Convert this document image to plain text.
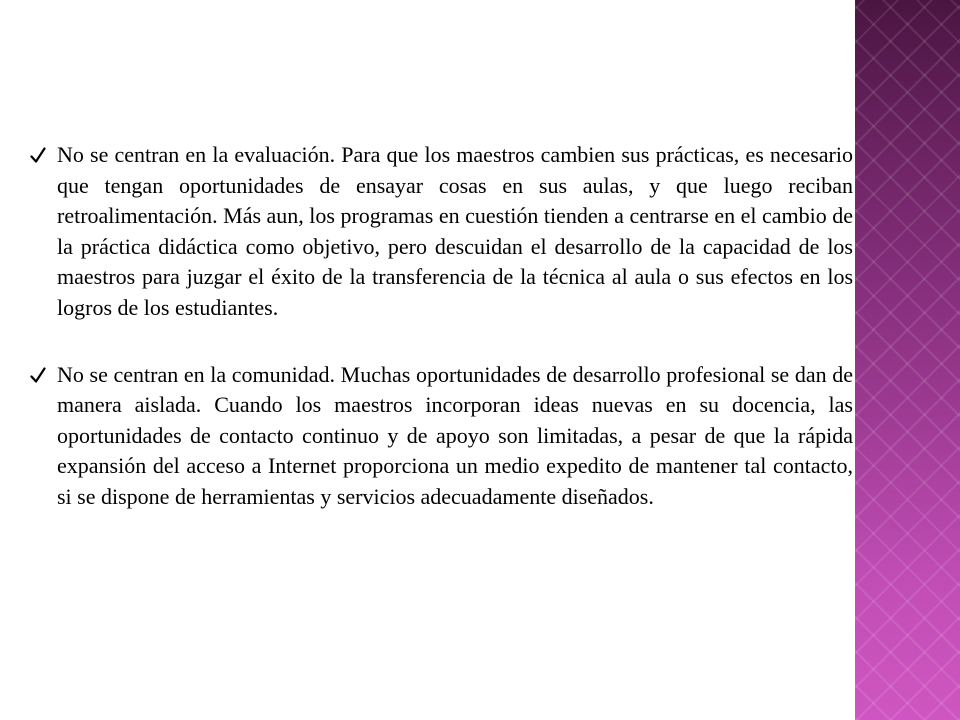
No se centran en la evaluación. Para que los maestros cambien sus prácticas, es necesario que tengan oportunidades de ensayar cosas en sus aulas, y que luego reciban retroalimentación. Más aun, los programas en cuestión tienden a centrarse en el cambio de la práctica didáctica como objetivo, pero descuidan el desarrollo de la capacidad de los maestros para juzgar el éxito de la transferencia de la técnica al aula o sus efectos en los logros de los estudiantes.
No se centran en la comunidad. Muchas oportunidades de desarrollo profesional se dan de manera aislada. Cuando los maestros incorporan ideas nuevas en su docencia, las oportunidades de contacto continuo y de apoyo son limitadas, a pesar de que la rápida expansión del acceso a Internet proporciona un medio expedito de mantener tal contacto, si se dispone de herramientas y servicios adecuadamente diseñados.
